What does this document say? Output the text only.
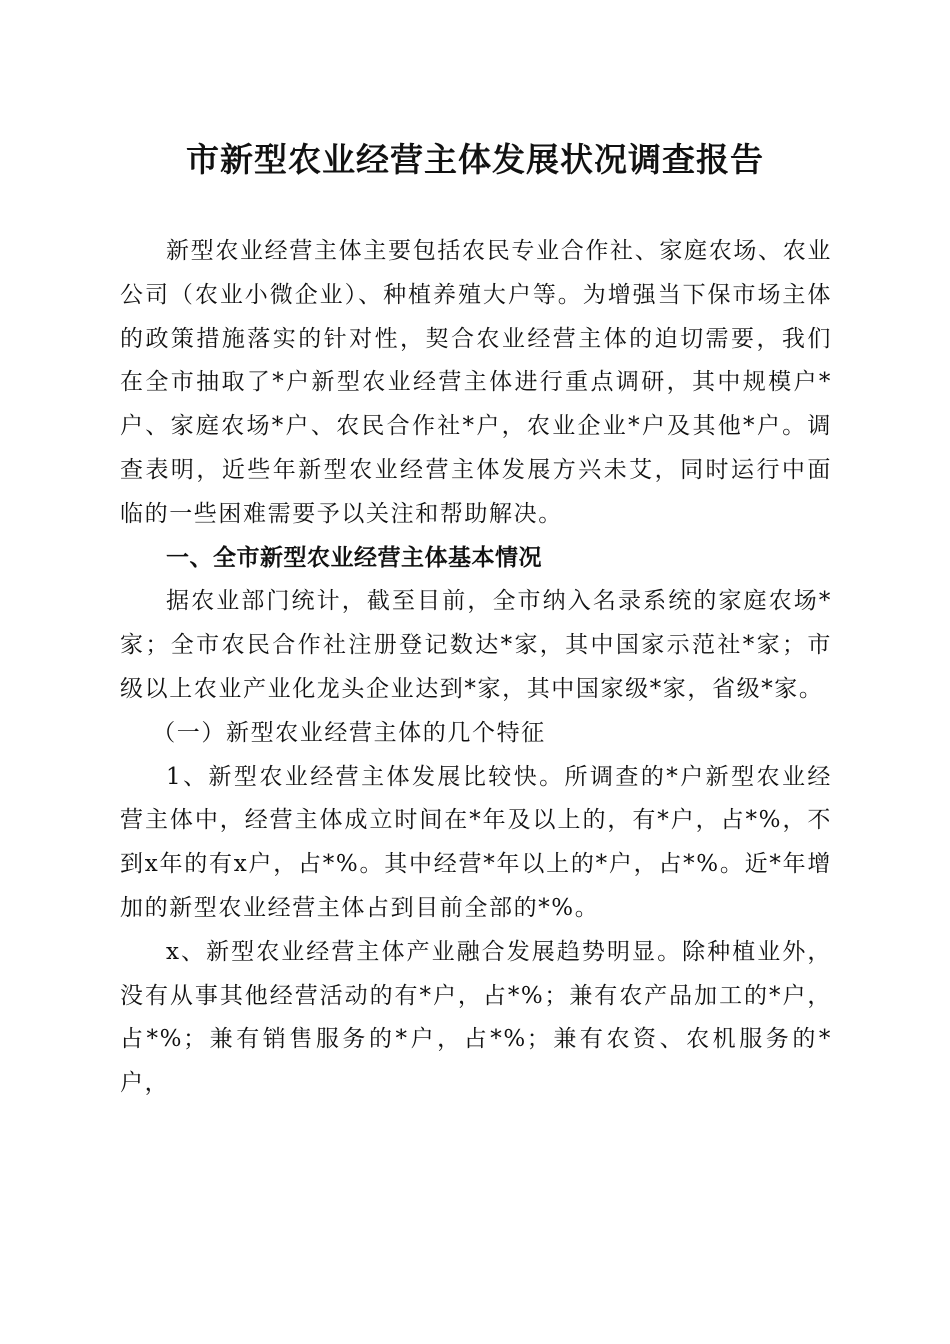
市新型农业经营主体发展状况调查报告

新型农业经营主体主要包括农民专业合作社、家庭农场、农业公司（农业小微企业）、种植养殖大户等。为增强当下保市场主体的政策措施落实的针对性，契合农业经营主体的迫切需要，我们在全市抽取了*户新型农业经营主体进行重点调研，其中规模户*户、家庭农场*户、农民合作社*户，农业企业*户及其他*户。调查表明，近些年新型农业经营主体发展方兴未艾，同时运行中面临的一些困难需要予以关注和帮助解决。

一、全市新型农业经营主体基本情况

据农业部门统计，截至目前，全市纳入名录系统的家庭农场*家；全市农民合作社注册登记数达*家，其中国家示范社*家；市级以上农业产业化龙头企业达到*家，其中国家级*家，省级*家。

（一）新型农业经营主体的几个特征

1、新型农业经营主体发展比较快。所调查的*户新型农业经营主体中，经营主体成立时间在*年及以上的，有*户，占*%，不到x年的有x户，占*%。其中经营*年以上的*户，占*%。近*年增加的新型农业经营主体占到目前全部的*%。

x、新型农业经营主体产业融合发展趋势明显。除种植业外，没有从事其他经营活动的有*户，占*%；兼有农产品加工的*户，占*%；兼有销售服务的*户，占*%；兼有农资、农机服务的*户，
